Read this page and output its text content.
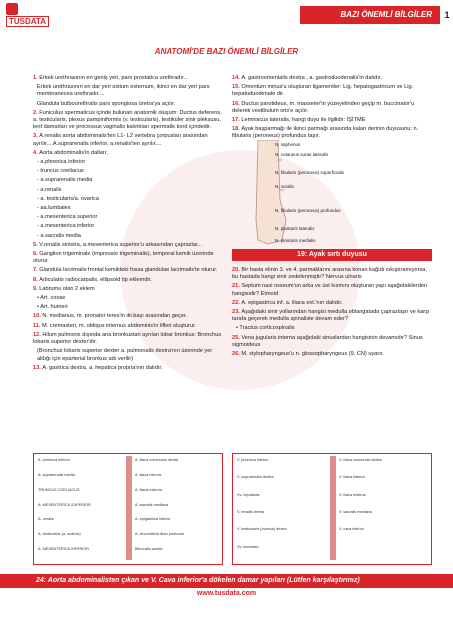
TUSDATA
BAZI ÖNEMLİ BİLGİLER	1
ANATOMİ'DE BAZI ÖNEMLİ BİLGİLER
1. Erkek urethrasının en geniş yeri, pars prostatica urethradır...
Erkek urethrasının en dar yeri ostium externum, ikinci en dar yeri pars membranecea urethradır....
Glandula bulbourethralis pars spongiosa üretra'ya açılır.
2. Funiculus spermaticus içinde bulunan anatomik oluşum: Ductus deferens, a. testicularis, plexus pampiniformis (v. testicularis), testiküler sinir pleksusu, lenf damarları ve processus vaginalis kalıntıları spermatik kord içindedir.
3. A.renalis aorta abdominalis'ten L1- L2 vertebra çorpusları arasından ayrılır....A.suprarenalis inferior, a.renalis'ten ayrılır....
4. Aorta abdominalis'in dalları;
- a.phrenica inferior
- truncus coeliacus
- a.suprarenalis media
- a.renalis
- a. testicularis/a. ovarica
- aa.lumbales
- a.mesenterica superior
- a.mesenterica inferior
- a.sacralis media
5. V.renalis sinistra, a.mesenterica superior'u arkasından çaprazlar...
6. Ganglion trigeminale (impressio trigeminalis), temporal kemik üzerinde oturur.
7. Glandula lacrimalis frontal kemikteki fossa glandulae lacrimalis'te oturur.
8. Articulatio radiocarpalis, ellipsoid tip eklemdir.
9. Labrumu olan 2 eklem
• Art. coxae
• Art. humeri
10. N. medianus, m. pronator teres'in iki başı arasından geçer.
11. M. cremasteri, m. obliqus internus abdominis'in lifleri oluşturur.
12. Hilum pulmonis dışında ana bronkustan ayrılan lobar bronkus: Bronchus lobaris superior dexter'dir.
(Bronchus lobaris superior dexter a. pulmonalis dextra'nın üzerinde yer aldığı için eparterial bronkus adı verilir)
13. A. gastrica dextra, a. hepatica propria'nın dalıdır.
14. A. gastroomentalis dextra , a. gastroduodenalis'in dalıdır.
15. Omentum minus'u oluşturan ligamentler: Lig. hepatogastricum ve Lig. hepatoduodenale dir.
16. Ductus parotideus, m. masseter'in yüzeyelinden geçip m. buccinator'u delerek vestibulum oris'e açılır.
17. Lemniscus lateralis, hangi duyu ile ilgilidir: İŞİTME
18. Ayak başparmağı ile ikinci parmağı arasında kalan derinin duyusunu; n. fibularis (peroneus) profundus taşır.
N. saphenus
N. cutaneus surae lateralis
N. fibularis (peroneus) superficialis
N. suralis
N. fibularis (peroneus) profundus
N. plantaris lateralis
N. plantaris medialis
19: Ayak sırtı duyusu
20. Bir hasta elinin 3. ve 4. parmaklarını arasına konan kağıdı sıkıştıramıyorsa, bu hastada hangi sinir zedelenmiştir? Nervus ulnaris
21. Septum nasi osseum'un arka ve üst kısmını oluşturan yapı aşağıdakilerden hangisidir? Etmoid
22. A. epigastrica inf. a. iliaca ext.'nın dalıdır.
23. Aşağıdaki sinir yollarından hangisi medulla oblangatada çaprazlaşır ve karşı tarafa geçerek medulla spinaliste devam eder?
• Tractus corticospinalis
25. Vena jugularis interna aşağıdaki sinuslardan hangisinin devamıdır? Sinus sigmoideus
26. M. stylopharyngeus'u n. glossopharyngeus (9. CN) uyarır.
A. phrenica inferior
A. suprarenalis media
TRUNCUS COELIACUS
A. MESENTERICA SUPERIOR
A. renalis
A. testicularis (a. ovarica)
A. MESENTERICA INFERIOR
A. iliaca communis dextra
A. iliaca interna
A. iliaca externa
A. sacralis mediana
A. epigastrica inferior
A. circumflexa ilium profunda
Bifurcatio aortae
V. phrenica inferior
V. suprarenalis dextra
Vv. hepaticae
V. renalis dextra
V. testicularis (ovarica) dextra
Vv. lumbales
V. iliaca communis dextra
V. iliaca interna
V. iliaca externa
V. sacralis mediana
V. cava inferior
24: Aorta abdominalisten çıkan ve V. Cava inferior'a dökelen damar yapıları (Lütfen karşılaştırınız)
www.tusdata.com
